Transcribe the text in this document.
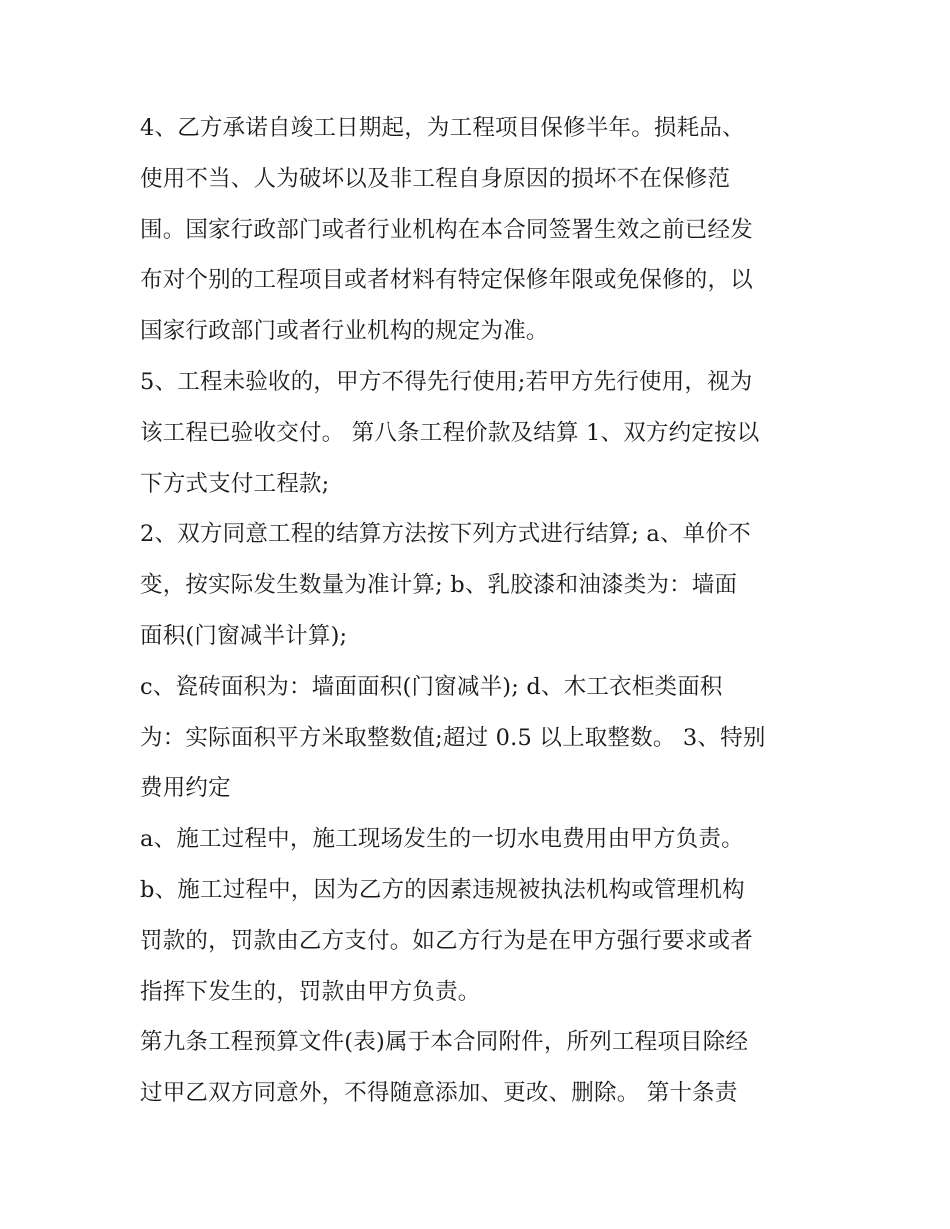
4、乙方承诺自竣工日期起，为工程项目保修半年。损耗品、
使用不当、人为破坏以及非工程自身原因的损坏不在保修范
围。国家行政部门或者行业机构在本合同签署生效之前已经发
布对个别的工程项目或者材料有特定保修年限或免保修的，以
国家行政部门或者行业机构的规定为准。
5、工程未验收的，甲方不得先行使用;若甲方先行使用，视为
该工程已验收交付。 第八条工程价款及结算 1、双方约定按以
下方式支付工程款;
2、双方同意工程的结算方法按下列方式进行结算; a、单价不
变，按实际发生数量为准计算; b、乳胶漆和油漆类为：墙面
面积(门窗减半计算);
c、瓷砖面积为：墙面面积(门窗减半); d、木工衣柜类面积
为：实际面积平方米取整数值;超过 0.5 以上取整数。 3、特别
费用约定
a、施工过程中，施工现场发生的一切水电费用由甲方负责。
b、施工过程中，因为乙方的因素违规被执法机构或管理机构
罚款的，罚款由乙方支付。如乙方行为是在甲方强行要求或者
指挥下发生的，罚款由甲方负责。
第九条工程预算文件(表)属于本合同附件，所列工程项目除经
过甲乙双方同意外，不得随意添加、更改、删除。 第十条责
